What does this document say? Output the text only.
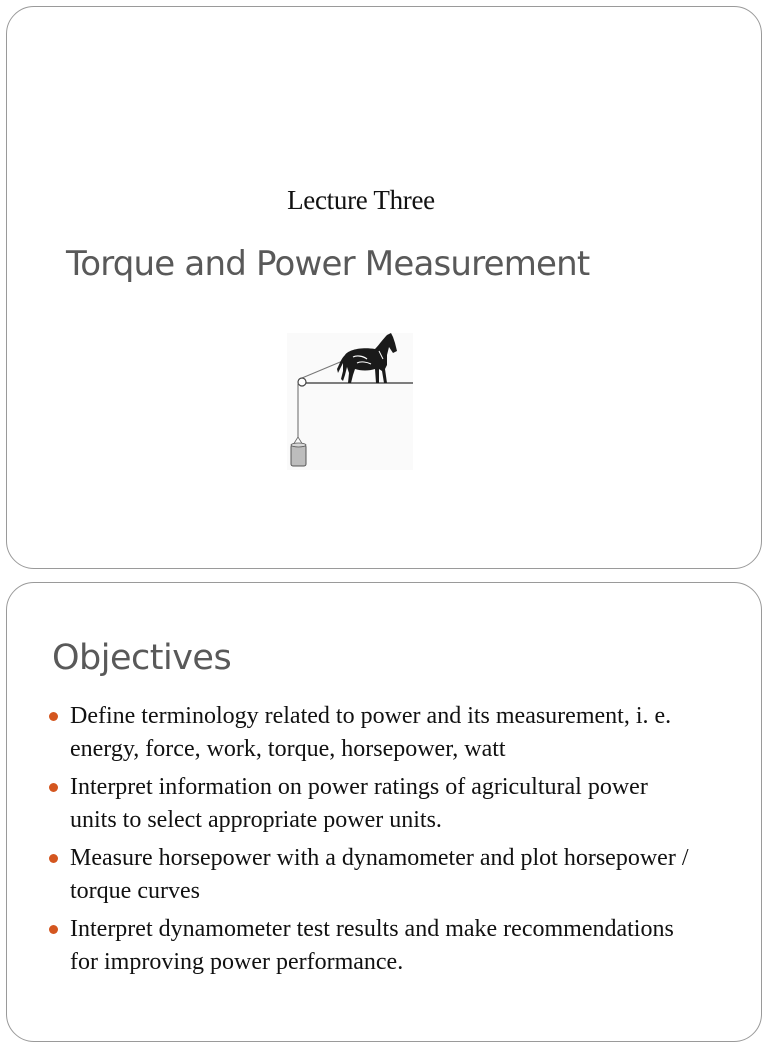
Lecture Three
Torque and Power Measurement
Objectives
Define terminology related to power and its measurement, i. e. energy, force, work, torque, horsepower, watt
Interpret information on power ratings of agricultural power units to select appropriate power units.
Measure horsepower with a dynamometer and plot horsepower / torque curves
Interpret dynamometer test results and make recommendations for improving power performance.
